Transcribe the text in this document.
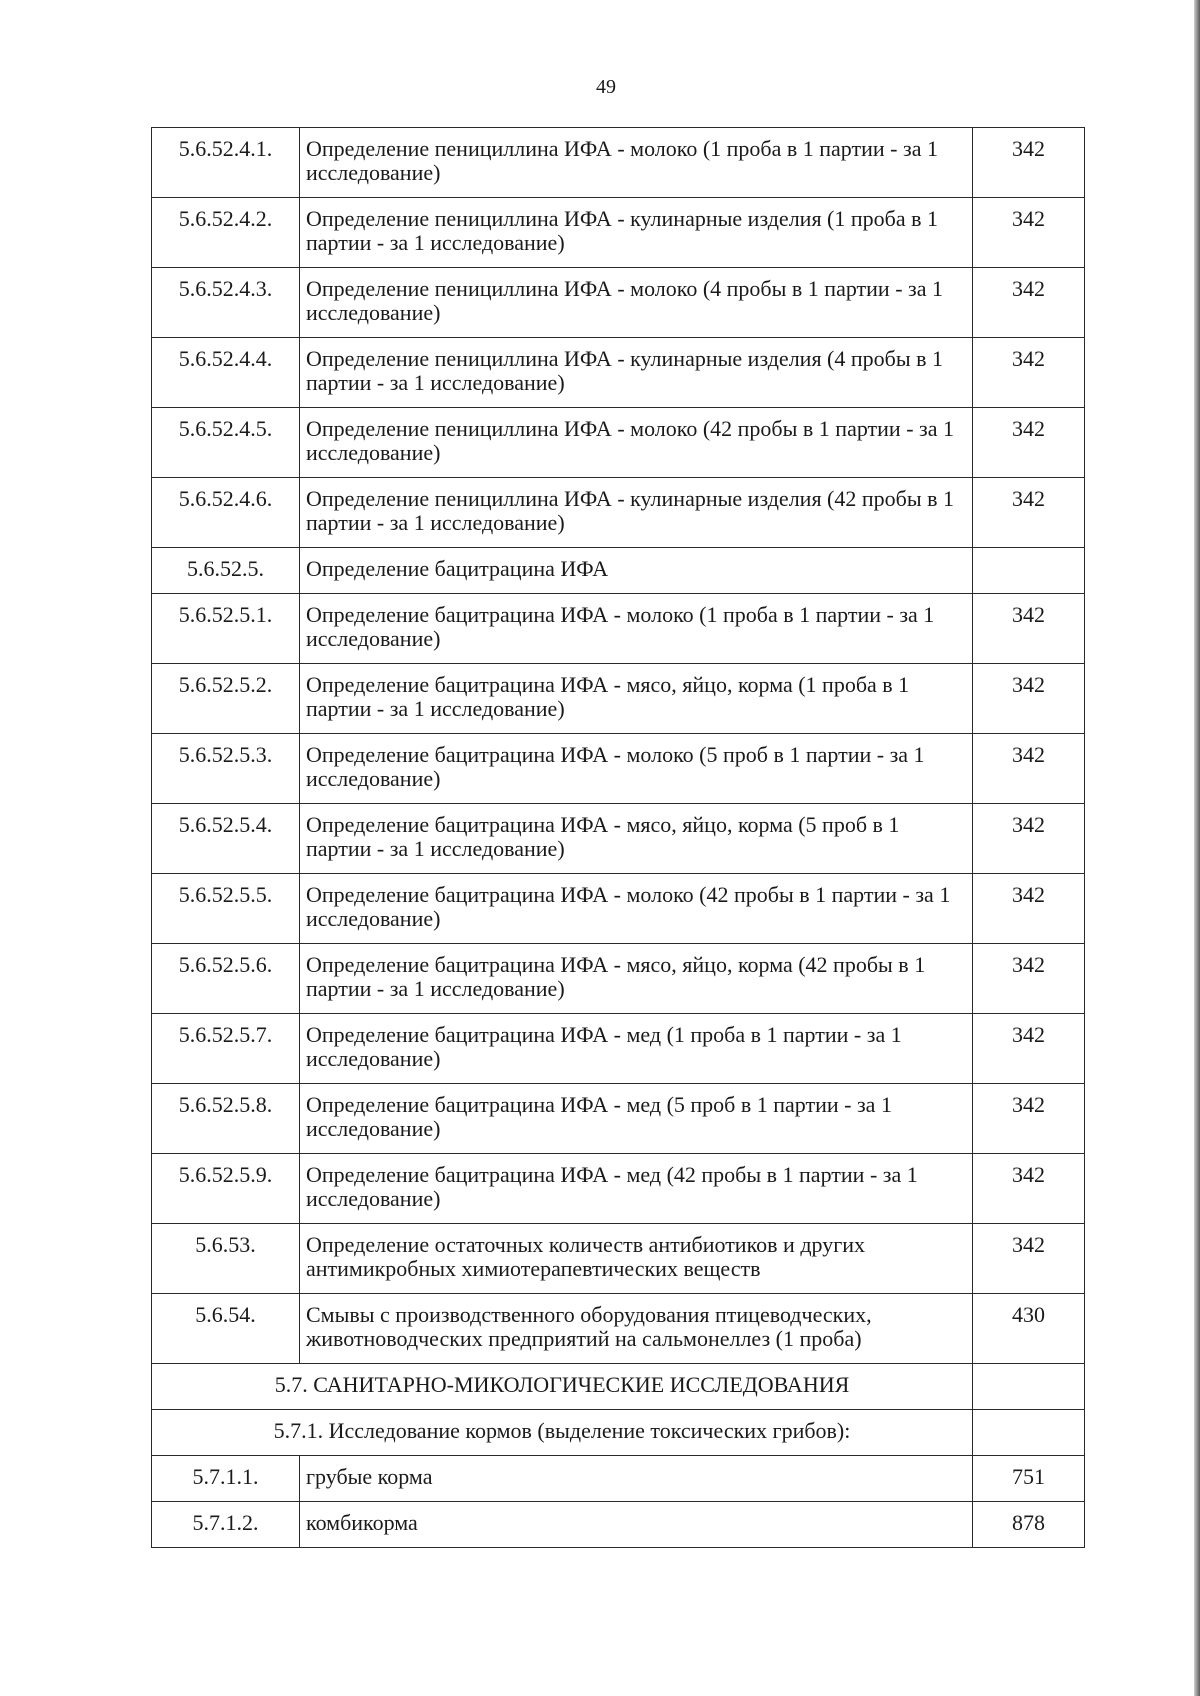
49
5.6.52.4.1.	Определение пенициллина ИФА - молоко (1 проба в 1 партии - за 1 исследование)	342
5.6.52.4.2.	Определение пенициллина ИФА - кулинарные изделия (1 проба в 1 партии - за 1 исследование)	342
5.6.52.4.3.	Определение пенициллина ИФА - молоко (4 пробы в 1 партии - за 1 исследование)	342
5.6.52.4.4.	Определение пенициллина ИФА - кулинарные изделия (4 пробы в 1 партии - за 1 исследование)	342
5.6.52.4.5.	Определение пенициллина ИФА - молоко (42 пробы в 1 партии - за 1 исследование)	342
5.6.52.4.6.	Определение пенициллина ИФА - кулинарные изделия (42 пробы в 1 партии - за 1 исследование)	342
5.6.52.5.	Определение бацитрацина ИФА	
5.6.52.5.1.	Определение бацитрацина ИФА - молоко (1 проба в 1 партии - за 1 исследование)	342
5.6.52.5.2.	Определение бацитрацина ИФА - мясо, яйцо, корма (1 проба в 1 партии - за 1 исследование)	342
5.6.52.5.3.	Определение бацитрацина ИФА - молоко (5 проб в 1 партии - за 1 исследование)	342
5.6.52.5.4.	Определение бацитрацина ИФА - мясо, яйцо, корма (5 проб в 1 партии - за 1 исследование)	342
5.6.52.5.5.	Определение бацитрацина ИФА - молоко (42 пробы в 1 партии - за 1 исследование)	342
5.6.52.5.6.	Определение бацитрацина ИФА - мясо, яйцо, корма (42 пробы в 1 партии - за 1 исследование)	342
5.6.52.5.7.	Определение бацитрацина ИФА - мед (1 проба в 1 партии - за 1 исследование)	342
5.6.52.5.8.	Определение бацитрацина ИФА - мед (5 проб в 1 партии - за 1 исследование)	342
5.6.52.5.9.	Определение бацитрацина ИФА - мед (42 пробы в 1 партии - за 1 исследование)	342
5.6.53.	Определение остаточных количеств антибиотиков и других антимикробных химиотерапевтических веществ	342
5.6.54.	Смывы с производственного оборудования птицеводческих, животноводческих предприятий на сальмонеллез (1 проба)	430
5.7. САНИТАРНО-МИКОЛОГИЧЕСКИЕ ИССЛЕДОВАНИЯ		
5.7.1. Исследование кормов (выделение токсических грибов):		
5.7.1.1.	грубые корма	751
5.7.1.2.	комбикорма	878
